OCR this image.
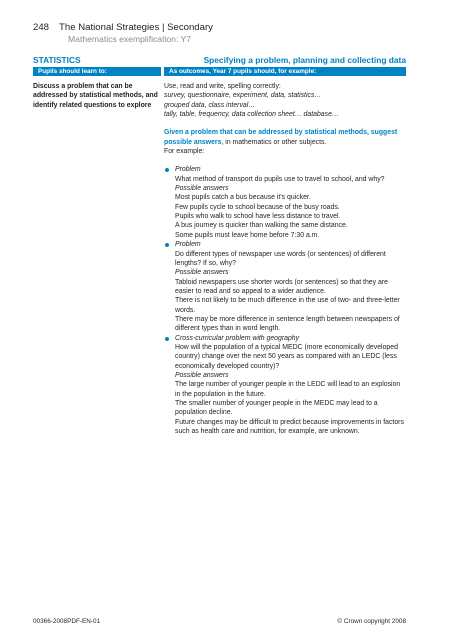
248 The National Strategies | Secondary
Mathematics exemplification: Y7
STATISTICS	Specifying a problem, planning and collecting data
Pupils should learn to:	As outcomes, Year 7 pupils should, for example:
Discuss a problem that can be addressed by statistical methods, and identify related questions to explore

Use, read and write, spelling correctly:

survey, questionnaire, experiment, data, statistics…

grouped data, class interval…

tally, table, frequency, data collection sheet… database…

Given a problem that can be addressed by statistical methods, suggest possible answers, in mathematics or other subjects.

For example:

Problem
What method of transport do pupils use to travel to school, and why?
Possible answers
Most pupils catch a bus because it's quicker.
Few pupils cycle to school because of the busy roads.
Pupils who walk to school have less distance to travel.
A bus journey is quicker than walking the same distance.
Some pupils must leave home before 7:30 a.m.
Problem
Do different types of newspaper use words (or sentences) of different lengths? If so, why?
Possible answers
Tabloid newspapers use shorter words (or sentences) so that they are easier to read and so appeal to a wider audience.
There is not likely to be much difference in the use of two- and three-letter words.
There may be more difference in sentence length between newspapers of different types than in word length.
Cross-curricular problem with geography
How will the population of a typical MEDC (more economically developed country) change over the next 50 years as compared with an LEDC (less economically developed country)?
Possible answers
The large number of younger people in the LEDC will lead to an explosion in the population in the future.
The smaller number of younger people in the MEDC may lead to a population decline.
Future changes may be difficult to predict because improvements in factors such as health care and nutrition, for example, are unknown.
00366-2008PDF-EN-01	© Crown copyright 2008
